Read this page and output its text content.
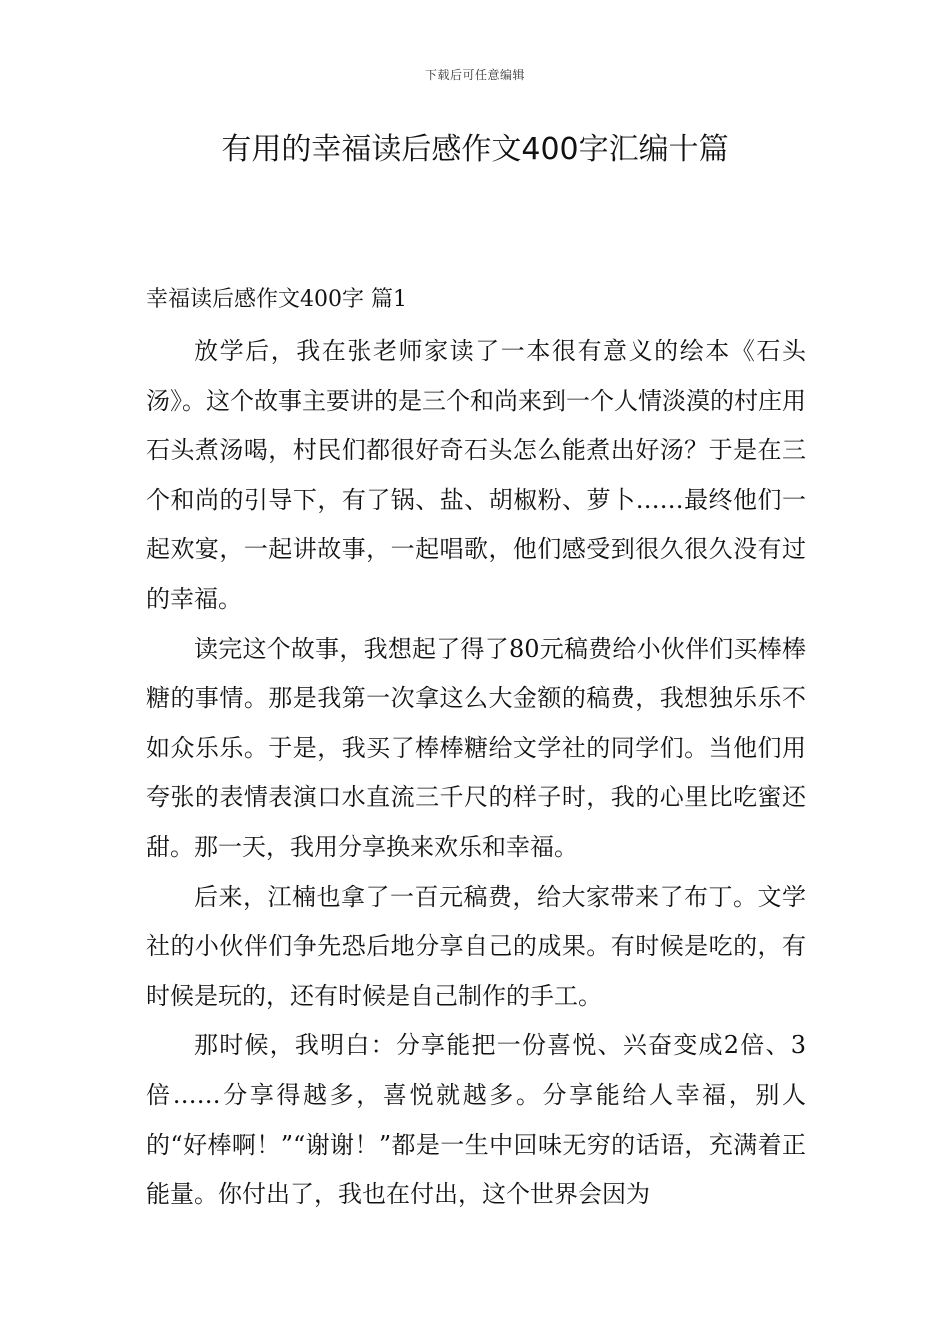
下载后可任意编辑
有用的幸福读后感作文400字汇编十篇
幸福读后感作文400字 篇1

放学后，我在张老师家读了一本很有意义的绘本《石头汤》。这个故事主要讲的是三个和尚来到一个人情淡漠的村庄用石头煮汤喝，村民们都很好奇石头怎么能煮出好汤？于是在三个和尚的引导下，有了锅、盐、胡椒粉、萝卜……最终他们一起欢宴，一起讲故事，一起唱歌，他们感受到很久很久没有过的幸福。

读完这个故事，我想起了得了80元稿费给小伙伴们买棒棒糖的事情。那是我第一次拿这么大金额的稿费，我想独乐乐不如众乐乐。于是，我买了棒棒糖给文学社的同学们。当他们用夸张的表情表演口水直流三千尺的样子时，我的心里比吃蜜还甜。那一天，我用分享换来欢乐和幸福。

后来，江楠也拿了一百元稿费，给大家带来了布丁。文学社的小伙伴们争先恐后地分享自己的成果。有时候是吃的，有时候是玩的，还有时候是自己制作的手工。

那时候，我明白：分享能把一份喜悦、兴奋变成2倍、3倍……分享得越多，喜悦就越多。分享能给人幸福，别人的“好棒啊！”“谢谢！”都是一生中回味无穷的话语，充满着正能量。你付出了，我也在付出，这个世界会因为
